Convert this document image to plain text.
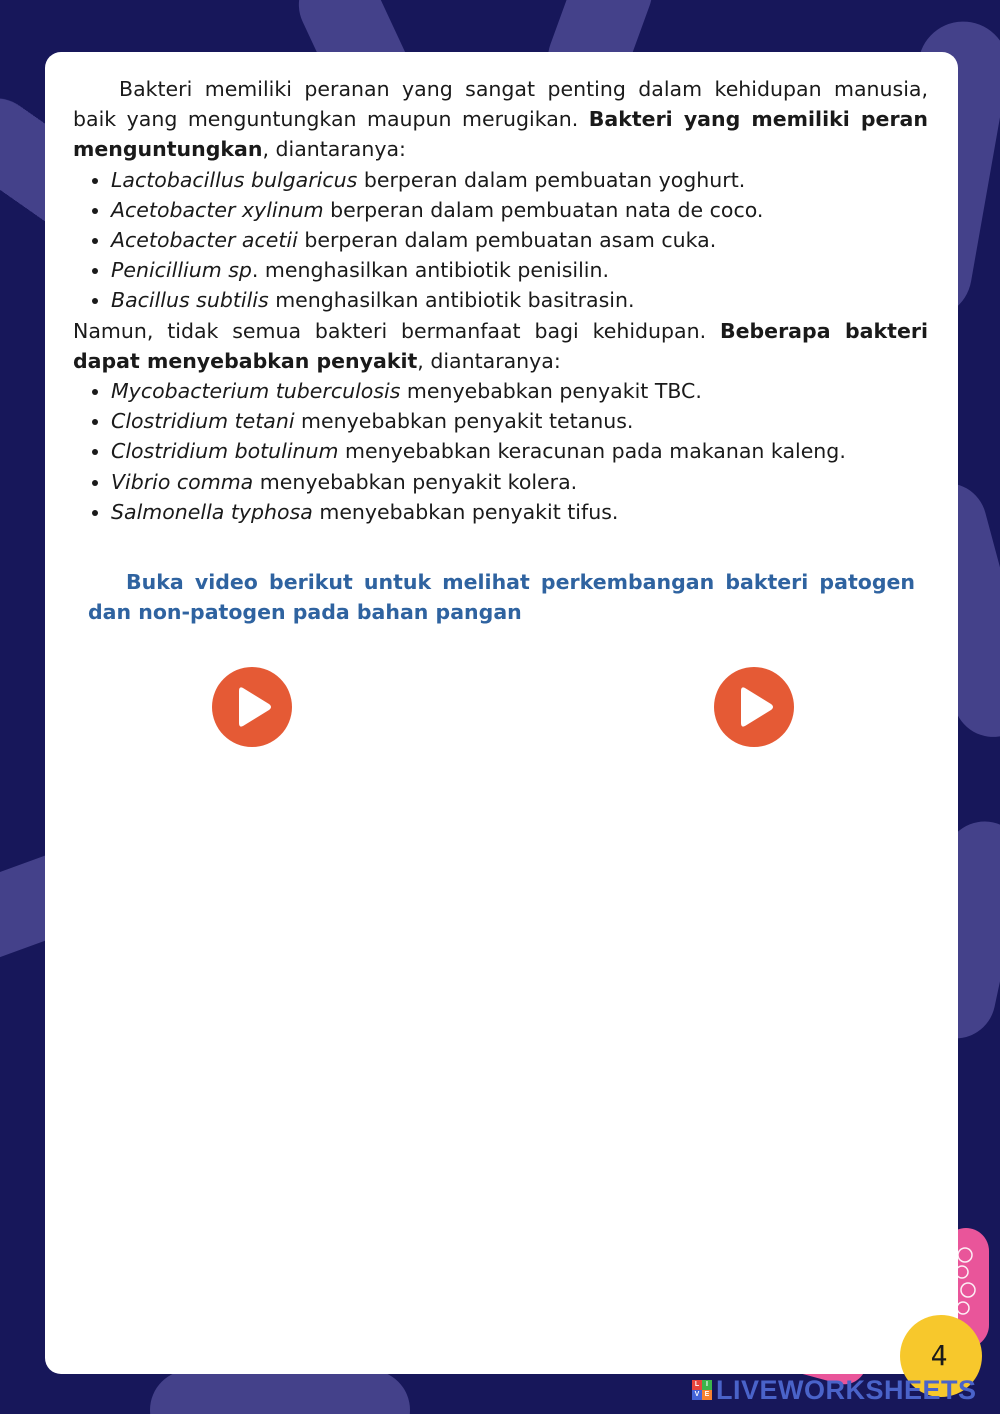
Bakteri memiliki peranan yang sangat penting dalam kehidupan manusia, baik yang menguntungkan maupun merugikan. Bakteri yang memiliki peran menguntungkan, diantaranya:

• Lactobacillus bulgaricus berperan dalam pembuatan yoghurt.
• Acetobacter xylinum berperan dalam pembuatan nata de coco.
• Acetobacter acetii berperan dalam pembuatan asam cuka.
• Penicillium sp. menghasilkan antibiotik penisilin.
• Bacillus subtilis menghasilkan antibiotik basitrasin.

Namun, tidak semua bakteri bermanfaat bagi kehidupan. Beberapa bakteri dapat menyebabkan penyakit, diantaranya:

• Mycobacterium tuberculosis menyebabkan penyakit TBC.
• Clostridium tetani menyebabkan penyakit tetanus.
• Clostridium botulinum menyebabkan keracunan pada makanan kaleng.
• Vibrio comma menyebabkan penyakit kolera.
• Salmonella typhosa menyebabkan penyakit tifus.

Buka video berikut untuk melihat perkembangan bakteri patogen dan non-patogen pada bahan pangan

4
L I
V E LIVEWORKSHEETS
